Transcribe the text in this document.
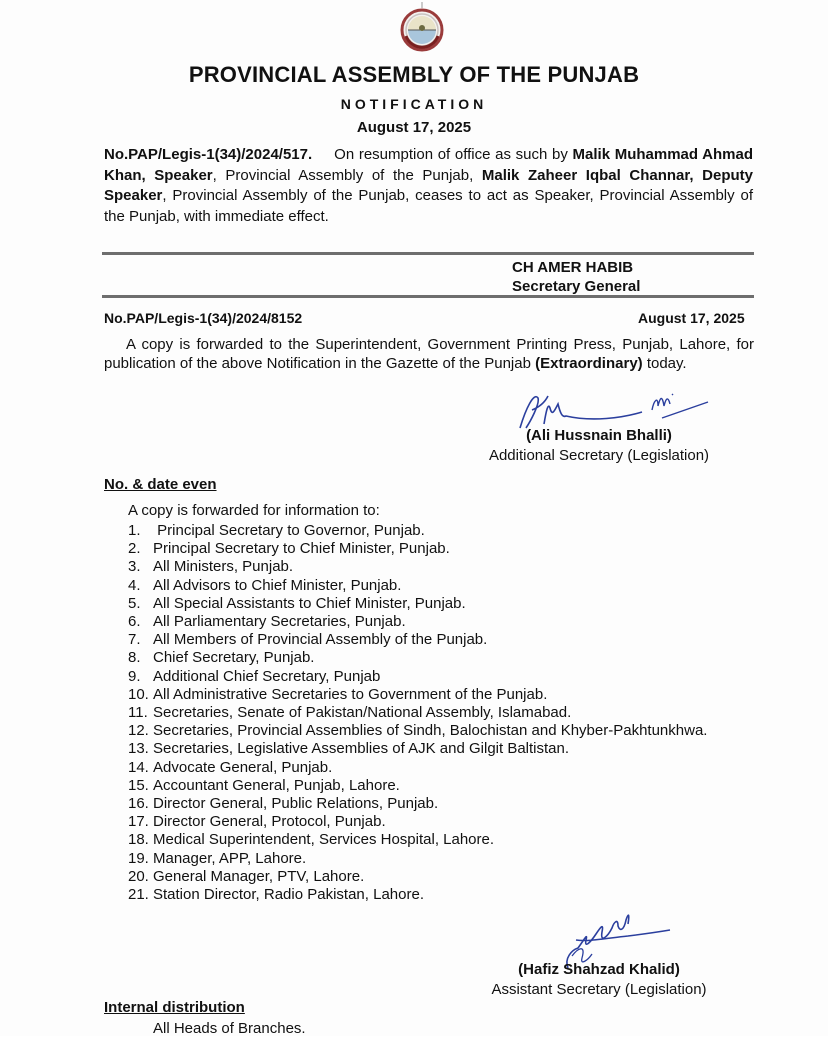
PROVINCIAL ASSEMBLY OF THE PUNJAB
NOTIFICATION
August 17, 2025
No.PAP/Legis-1(34)/2024/517. On resumption of office as such by Malik Muhammad Ahmad Khan, Speaker, Provincial Assembly of the Punjab, Malik Zaheer Iqbal Channar, Deputy Speaker, Provincial Assembly of the Punjab, ceases to act as Speaker, Provincial Assembly of the Punjab, with immediate effect.
CH AMER HABIB
Secretary General
No.PAP/Legis-1(34)/2024/8152	August 17, 2025
A copy is forwarded to the Superintendent, Government Printing Press, Punjab, Lahore, for publication of the above Notification in the Gazette of the Punjab (Extraordinary) today.
(Ali Hussnain Bhalli)
Additional Secretary (Legislation)
No. & date even
A copy is forwarded for information to:
1. Principal Secretary to Governor, Punjab.
2. Principal Secretary to Chief Minister, Punjab.
3. All Ministers, Punjab.
4. All Advisors to Chief Minister, Punjab.
5. All Special Assistants to Chief Minister, Punjab.
6. All Parliamentary Secretaries, Punjab.
7. All Members of Provincial Assembly of the Punjab.
8. Chief Secretary, Punjab.
9. Additional Chief Secretary, Punjab
10. All Administrative Secretaries to Government of the Punjab.
11. Secretaries, Senate of Pakistan/National Assembly, Islamabad.
12. Secretaries, Provincial Assemblies of Sindh, Balochistan and Khyber-Pakhtunkhwa.
13. Secretaries, Legislative Assemblies of AJK and Gilgit Baltistan.
14. Advocate General, Punjab.
15. Accountant General, Punjab, Lahore.
16. Director General, Public Relations, Punjab.
17. Director General, Protocol, Punjab.
18. Medical Superintendent, Services Hospital, Lahore.
19. Manager, APP, Lahore.
20. General Manager, PTV, Lahore.
21. Station Director, Radio Pakistan, Lahore.
(Hafiz Shahzad Khalid)
Assistant Secretary (Legislation)
Internal distribution
All Heads of Branches.
